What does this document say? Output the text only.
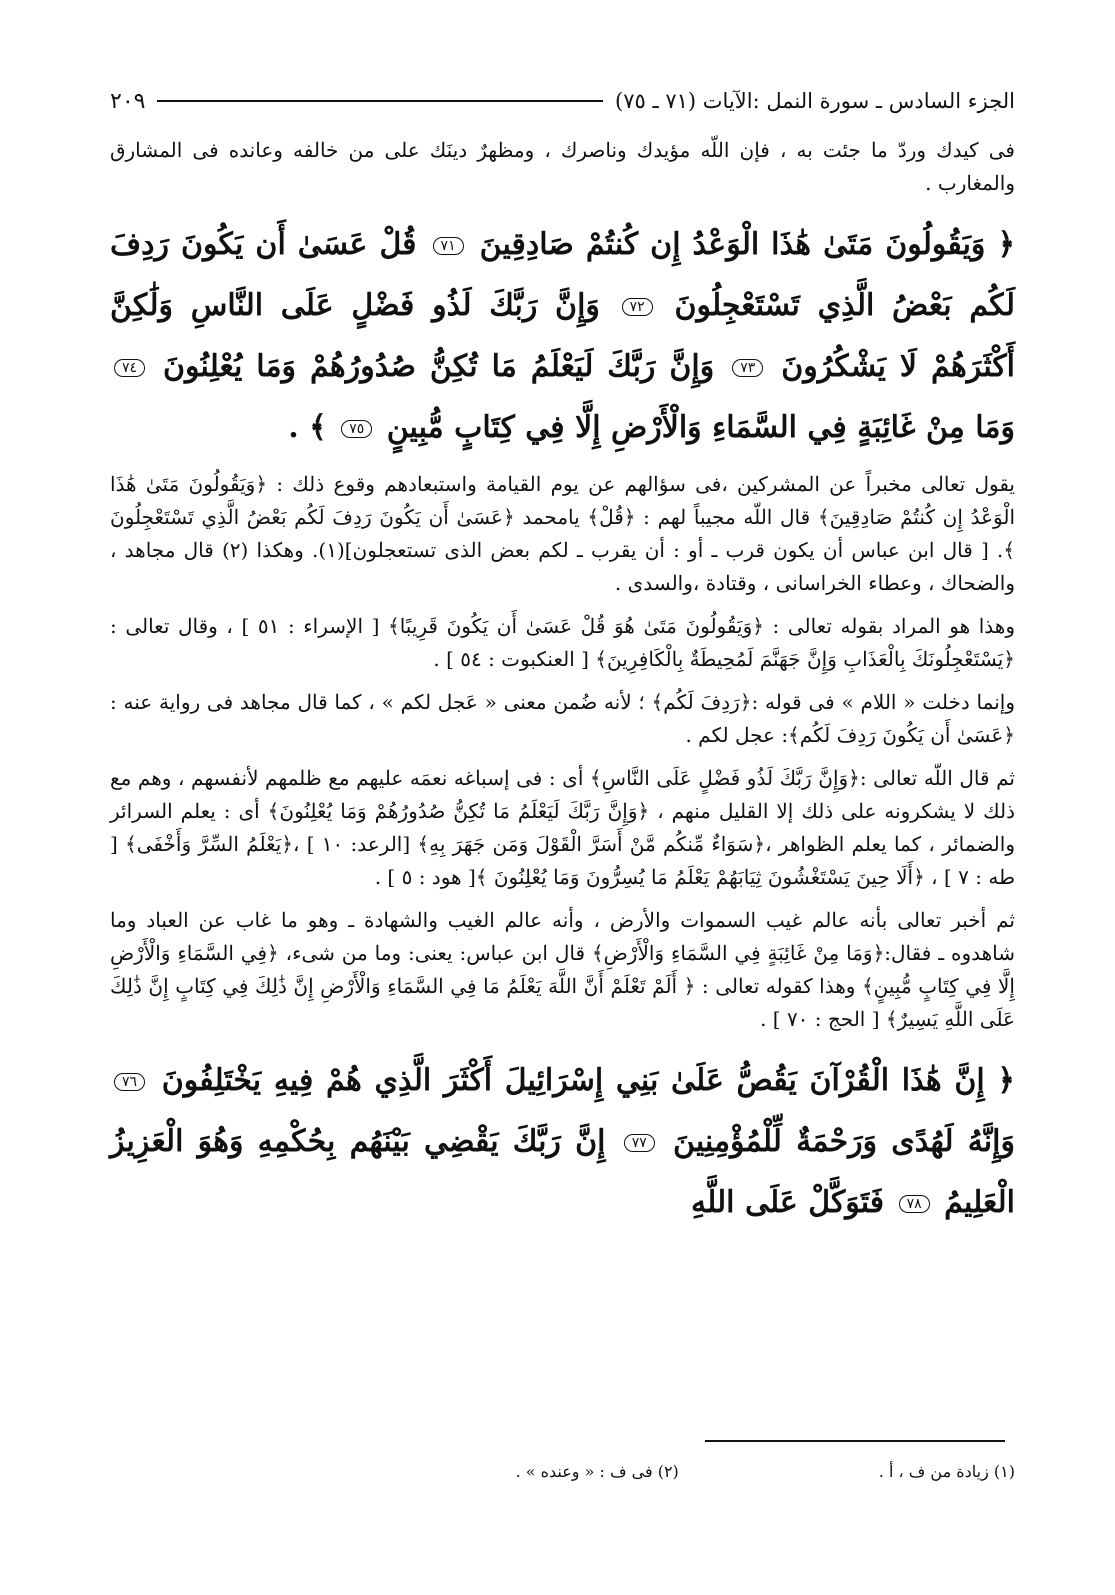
الجزء السادس ـ سورة النمل :الآيات (٧١ ـ ٧٥)
٢٠٩

فى كيدك وردّ ما جئت به ، فإن اللّه مؤيدك وناصرك ، ومظهرٌ دينَك على من خالفه وعانده فى المشارق والمغارب .

﴿ وَيَقُولُونَ مَتَىٰ هَٰذَا الْوَعْدُ إِن كُنتُمْ صَادِقِينَ ٧١ قُلْ عَسَىٰ أَن يَكُونَ رَدِفَ لَكُم بَعْضُ الَّذِي تَسْتَعْجِلُونَ ٧٢ وَإِنَّ رَبَّكَ لَذُو فَضْلٍ عَلَى النَّاسِ وَلَٰكِنَّ أَكْثَرَهُمْ لَا يَشْكُرُونَ ٧٣ وَإِنَّ رَبَّكَ لَيَعْلَمُ مَا تُكِنُّ صُدُورُهُمْ وَمَا يُعْلِنُونَ ٧٤ وَمَا مِنْ غَائِبَةٍ فِي السَّمَاءِ وَالْأَرْضِ إِلَّا فِي كِتَابٍ مُّبِينٍ ٧٥ ﴾ .

يقول تعالى مخبراً عن المشركين ،فى سؤالهم عن يوم القيامة واستبعادهم وقوع ذلك : ﴿وَيَقُولُونَ مَتَىٰ هَٰذَا الْوَعْدُ إِن كُنتُمْ صَادِقِينَ﴾ قال اللّه مجيباً لهم : ﴿قُلْ﴾ يامحمد ﴿عَسَىٰ أَن يَكُونَ رَدِفَ لَكُم بَعْضُ الَّذِي تَسْتَعْجِلُونَ ﴾. [ قال ابن عباس أن يكون قرب ـ أو : أن يقرب ـ لكم بعض الذى تستعجلون](١). وهكذا (٢) قال مجاهد ، والضحاك ، وعطاء الخراسانى ، وقتادة ،والسدى .

وهذا هو المراد بقوله تعالى : ﴿وَيَقُولُونَ مَتَىٰ هُوَ قُلْ عَسَىٰ أَن يَكُونَ قَرِيبًا﴾ [ الإسراء : ٥١ ] ، وقال تعالى : ﴿يَسْتَعْجِلُونَكَ بِالْعَذَابِ وَإِنَّ جَهَنَّمَ لَمُحِيطَةٌ بِالْكَافِرِينَ﴾ [ العنكبوت : ٥٤ ] .

وإنما دخلت « اللام » فى قوله :﴿رَدِفَ لَكُم﴾ ؛ لأنه ضُمن معنى « عَجل لكم » ، كما قال مجاهد فى رواية عنه : ﴿عَسَىٰ أَن يَكُونَ رَدِفَ لَكُم﴾: عجل لكم .

ثم قال اللّه تعالى :﴿وَإِنَّ رَبَّكَ لَذُو فَضْلٍ عَلَى النَّاسِ﴾ أى : فى إسباغه نعمَه عليهم مع ظلمهم لأنفسهم ، وهم مع ذلك لا يشكرونه على ذلك إلا القليل منهم ، ﴿وَإِنَّ رَبَّكَ لَيَعْلَمُ مَا تُكِنُّ صُدُورُهُمْ وَمَا يُعْلِنُونَ﴾ أى : يعلم السرائر والضمائر ، كما يعلم الظواهر ،﴿سَوَاءٌ مِّنكُم مَّنْ أَسَرَّ الْقَوْلَ وَمَن جَهَرَ بِهِ﴾ [الرعد: ١٠ ] ،﴿يَعْلَمُ السِّرَّ وَأَخْفَى﴾ [ طه : ٧ ] ، ﴿أَلَا حِينَ يَسْتَغْشُونَ ثِيَابَهُمْ يَعْلَمُ مَا يُسِرُّونَ وَمَا يُعْلِنُونَ ﴾[ هود : ٥ ] .

ثم أخبر تعالى بأنه عالم غيب السموات والأرض ، وأنه عالم الغيب والشهادة ـ وهو ما غاب عن العباد وما شاهدوه ـ فقال:﴿وَمَا مِنْ غَائِبَةٍ فِي السَّمَاءِ وَالْأَرْضِ﴾ قال ابن عباس: يعنى: وما من شىء، ﴿فِي السَّمَاءِ وَالْأَرْضِ إِلَّا فِي كِتَابٍ مُّبِينٍ﴾ وهذا كقوله تعالى : ﴿ أَلَمْ تَعْلَمْ أَنَّ اللَّهَ يَعْلَمُ مَا فِي السَّمَاءِ وَالْأَرْضِ إِنَّ ذَٰلِكَ فِي كِتَابٍ إِنَّ ذَٰلِكَ عَلَى اللَّهِ يَسِيرٌ﴾ [ الحج : ٧٠ ] .

﴿ إِنَّ هَٰذَا الْقُرْآنَ يَقُصُّ عَلَىٰ بَنِي إِسْرَائِيلَ أَكْثَرَ الَّذِي هُمْ فِيهِ يَخْتَلِفُونَ ٧٦ وَإِنَّهُ لَهُدًى وَرَحْمَةٌ لِّلْمُؤْمِنِينَ ٧٧ إِنَّ رَبَّكَ يَقْضِي بَيْنَهُم بِحُكْمِهِ وَهُوَ الْعَزِيزُ الْعَلِيمُ ٧٨ فَتَوَكَّلْ عَلَى اللَّهِ

(١) زيادة من ف ، أ .
(٢) فى ف : « وعنده » .
